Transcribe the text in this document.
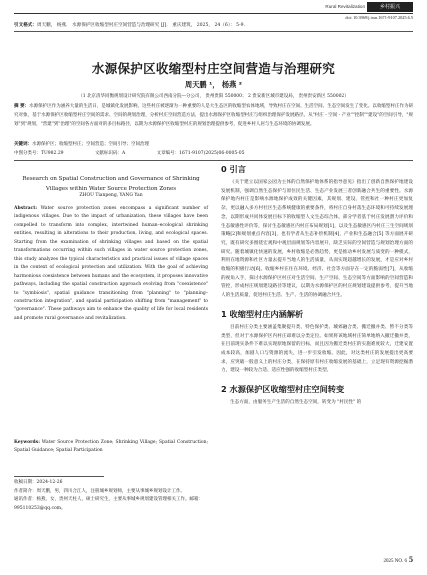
Rural Revitalization	乡村振兴
doi: 10.3969/j.issn.1671-9107.2025.6.5
引文格式：周天鹏， 杨燕． 水源保护区收缩型村庄空间营造与治理研究 [J]． 重庆建筑， 2025， 24（6）： 5-9．
水源保护区收缩型村庄空间营造与治理研究
周天鹏 ¹， 杨燕 ²
（1 北京清华同衡规划设计研究院有限公司西南分院—分公司， 贵州贵阳 550000； 2 贵安新区城市建设局， 贵州贵安新区 550002）
摘 要：水源保护区作为涵养大量的生活日，是城镇化发展影响，这些村庄被逐渐为一种重要的人是大生态区的收缩型农体地域，导致村庄在空间、生活空间、生态空间发生了变化。以收缩型村庄作为研究对象，基于水源保护区收缩型村庄空间的需求、空间的规划治理，分析村庄空间营造方法，提出水源保护区收缩型村庄与组织治理保护发展路径。从"村庄 - 空间 - 产业""控制""建设"的空间引导，"规划"到"规划，"营建"到"治理"的空间各方面对的多目标路径，以期为水源保护区收缩型村庄的规划治理提供参考，促进乡村人居与生态环境的协调发展。
关键词：水源保护区；收缩型村庄；空间营造；空间引导；空间治理
中图分类号：TU982.29	文献标识码：A	文章编号：1671-9107(2025)06-0005-05
Research on Spatial Construction and Governance of Shrinking Villages within Water Source Protection Zones
ZHOU Tianpeng, YANG Yan
Abstract: Water source protection zones encompass a significant number of indigenous villages. Due to the impact of urbanization, these villages have been compelled to transform into complex, intertwined human–ecological shrinking entities, resulting in alterations to their production, living, and ecological spaces. Starting from the examination of shrinking villages and based on the spatial transformations occurring within such villages in water source protection zones, this study analyzes the typical characteristics and practical issues of village spaces in the context of ecological protection and utilization. With the goal of achieving harmonious coexistence between humans and the ecosystem, it proposes innovative pathways, including the spatial construction approach evolving from "coexistence" to "symbiosis", spatial guidance transitioning from "planning" to "planning–construction integration", and spatial participation shifting from "management" to "governance". These pathways aim to enhance the quality of life for local residents and promote rural governance and revitalization.
Keywords: Water Source Protection Zone; Shrinking Village; Spatial Construction; Spatial Guidance; Spatial Participation
收稿日期：2024-12-26
作者简介：周天鹏，男，四川合江人，注册城乡规划师，主要从事城乡规划设计工作。
通讯作者：杨燕，女，贵州天柱人，硕士研究生，主要从事城乡规划建设管理相关工作。邮箱：995110253@qq.com。
0 引言
《关于建立以国家公园为主体的自然保护地体系的指导意见》指出了创新自然保护地建设发展机制，强调自然生态保护与原住民生活、生态产业发展三者创新融合共生的重要性。水源保护地内村庄是影响水源地保护成效的关键因素，其规划、建设、管控和社一种村庄更加复杂。更以融入多方村社区生态系统健康的重要条件，将村庄自身村落生态环境和可持续发展理念，以期形成共同体发展目标下的收缩型人文生态综合体。部分学者基于村庄发展潜力评价和生态敏感性评价等，探讨生态敏感区内村庄布局规划[1]，以及生态敏感区内村庄三生空间规划策略[2]和规划重点内容[3]，也有学者从生态补偿机制[4]，产业和生态融合[5] 等方面展开研究，既有研究多围绕宏观和中观层面规划等内容展开，缺乏实际的空间营造与规划治理方面的研究。随着城镇化快速的发展，乡村收缩是必然趋势，更是推动乡村发展与质变的一种模式，利用在地资源和社区力量去提升当地人的生活质量，从而实现超越增长的发展，才是应对乡村收缩的积极行动[6]。收缩乡村在住在环境、经济、社会等方面存在一定的脆弱性[7]，从收缩的视角入手，探讨水源保护区村庄对生活空间、生产空间、生态空间等方面影响的空间营造和管控，形成村庄规划建设路径等建议，以期为水源保护区的村庄规划建设提供参考，提升当地人的生活质量，促进村庄生活、生产、生活的协调融合共生。
1 收缩型村庄内涵解析
目前村庄分类主要涵盖集聚提升类、特色保护类、城郊融合类、搬迁撤并类、暂不分类等类型，但对于水源保护区内村庄却难以分类定位。如果将该地域村庄简单地纳入撤迁撤并类，在目前现实条件下难以实现原地保留的目标，而且因为搬迁类村庄的实施难度较大，迁建安置成本较高，加剧人口与资源的流失，进一步引发收缩。因此，对这类村庄的发展提出更高要求，应突破一般意义上的村庄分类，在保持原有村庄收缩发展的基础上，立足现有资源挖掘潜力，建设一种较为合适、适应性强的收缩型村庄类型。
2 水源保护区收缩型村庄空间转变
生态方面，由服务生产生活的自然生态空间，转变为 "村民性" 的
2025 NO. 6 5
